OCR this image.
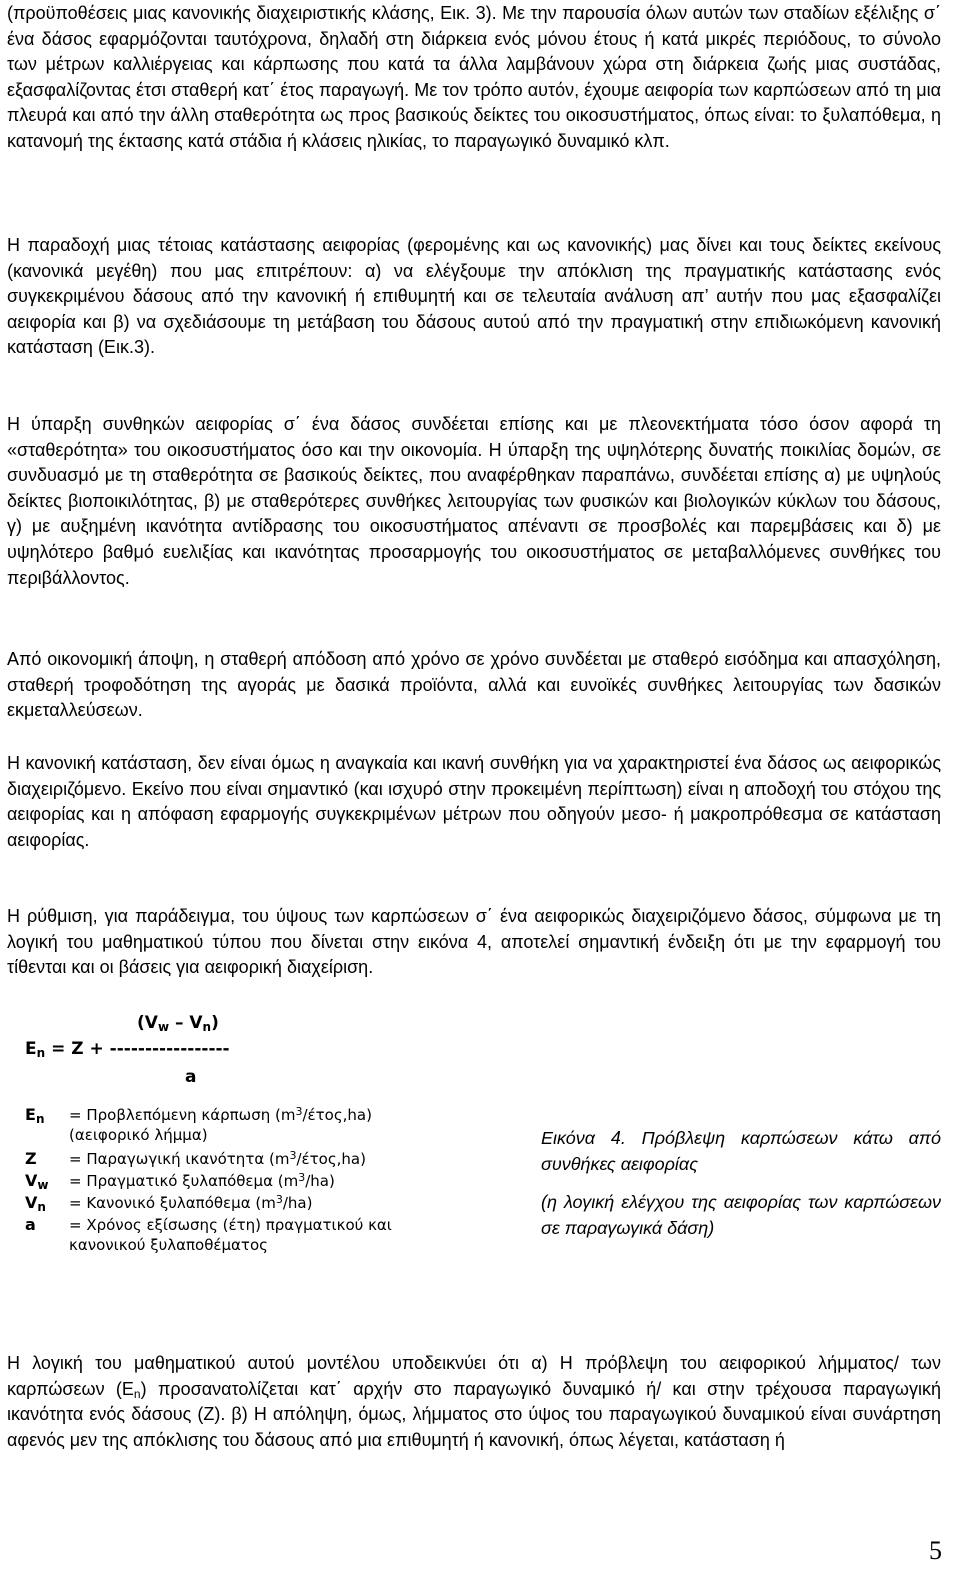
(προϋποθέσεις μιας κανονικής διαχειριστικής κλάσης, Εικ. 3). Με την παρουσία όλων αυτών των σταδίων εξέλιξης σ΄ ένα δάσος εφαρμόζονται ταυτόχρονα, δηλαδή στη διάρκεια ενός μόνου έτους ή κατά μικρές περιόδους, το σύνολο των μέτρων καλλιέργειας και κάρπωσης που κατά τα άλλα λαμβάνουν χώρα στη διάρκεια ζωής μιας συστάδας, εξασφαλίζοντας έτσι σταθερή κατ΄ έτος παραγωγή. Με τον τρόπο αυτόν, έχουμε αειφορία των καρπώσεων από τη μια πλευρά και από την άλλη σταθερότητα ως προς βασικούς δείκτες του οικοσυστήματος, όπως είναι: το ξυλαπόθεμα, η κατανομή της έκτασης κατά στάδια ή κλάσεις ηλικίας, το παραγωγικό δυναμικό κλπ.

Η παραδοχή μιας τέτοιας κατάστασης αειφορίας (φερομένης και ως κανονικής) μας δίνει και τους δείκτες εκείνους (κανονικά μεγέθη) που μας επιτρέπουν: α) να ελέγξουμε την απόκλιση της πραγματικής κατάστασης ενός συγκεκριμένου δάσους από την κανονική ή επιθυμητή και σε τελευταία ανάλυση απ’ αυτήν που μας εξασφαλίζει αειφορία και β) να σχεδιάσουμε τη μετάβαση του δάσους αυτού από την πραγματική στην επιδιωκόμενη κανονική κατάσταση (Εικ.3).

Η ύπαρξη συνθηκών αειφορίας σ΄ ένα δάσος συνδέεται επίσης και με πλεονεκτήματα τόσο όσον αφορά τη «σταθερότητα» του οικοσυστήματος όσο και την οικονομία. Η ύπαρξη της υψηλότερης δυνατής ποικιλίας δομών, σε συνδυασμό με τη σταθερότητα σε βασικούς δείκτες, που αναφέρθηκαν παραπάνω, συνδέεται επίσης α) με υψηλούς δείκτες βιοποικιλότητας, β) με σταθερότερες συνθήκες λειτουργίας των φυσικών και βιολογικών κύκλων του δάσους, γ) με αυξημένη ικανότητα αντίδρασης του οικοσυστήματος απέναντι σε προσβολές και παρεμβάσεις και δ) με υψηλότερο βαθμό ευελιξίας και ικανότητας προσαρμογής του οικοσυστήματος σε μεταβαλλόμενες συνθήκες του περιβάλλοντος.

Από οικονομική άποψη, η σταθερή απόδοση από χρόνο σε χρόνο συνδέεται με σταθερό εισόδημα και απασχόληση, σταθερή τροφοδότηση της αγοράς με δασικά προϊόντα, αλλά και ευνοϊκές συνθήκες λειτουργίας των δασικών εκμεταλλεύσεων.

Η κανονική κατάσταση, δεν είναι όμως η αναγκαία και ικανή συνθήκη για να χαρακτηριστεί ένα δάσος ως αειφορικώς διαχειριζόμενο. Εκείνο που είναι σημαντικό (και ισχυρό στην προκειμένη περίπτωση) είναι η αποδοχή του στόχου της αειφορίας και η απόφαση εφαρμογής συγκεκριμένων μέτρων που οδηγούν μεσο- ή μακροπρόθεσμα σε κατάσταση αειφορίας.

Η ρύθμιση, για παράδειγμα, του ύψους των καρπώσεων σ΄ ένα αειφορικώς διαχειριζόμενο δάσος, σύμφωνα με τη λογική του μαθηματικού τύπου που δίνεται στην εικόνα 4, αποτελεί σημαντική ένδειξη ότι με την εφαρμογή του τίθενται και οι βάσεις για αειφορική διαχείριση.

$(V_w - V_n)$
$E_n = Z$ + -----------------
a
$E_n = \Pi\rho o\beta\lambda\varepsilon\pi ό\mu\varepsilon\nu\eta$ κάρπωση $(m^3/έ\tau o\varsigma,ha)$
(αειφορικό λήμμα)
Z = Παραγωγική ικανότητα $(m^3/έ\tau o\varsigma,ha)$
$V_w = \Pi\rho\alpha\gamma\mu\alpha\tau\iota\kappa ό$ ξυλαπόθεμα $(m^3/ha)$
$V_n = K\alpha\nu o\nu\iota\kappa ό$ ξυλαπόθεμα $(m^3/ha)$
a = Χρόνος εξίσωσης (έτη) πραγματικού και
κανονικού ξυλαποθέματος

Εικόνα 4. Πρόβλεψη καρπώσεων κάτω από συνθήκες αειφορίας

(η λογική ελέγχου της αειφορίας των καρπώσεων σε παραγωγικά δάση)

Η λογική του μαθηματικού αυτού μοντέλου υποδεικνύει ότι α) Η πρόβλεψη του αειφορικού λήμματος/ των καρπώσεων $(E_n)$ προσανατολίζεται κατ΄ αρχήν στο παραγωγικό δυναμικό ή/ και στην τρέχουσα παραγωγική ικανότητα ενός δάσους (Z). β) Η απόληψη, όμως, λήμματος στο ύψος του παραγωγικού δυναμικού είναι συνάρτηση αφενός μεν της απόκλισης του δάσους από μια επιθυμητή ή κανονική, όπως λέγεται, κατάσταση ή

5
